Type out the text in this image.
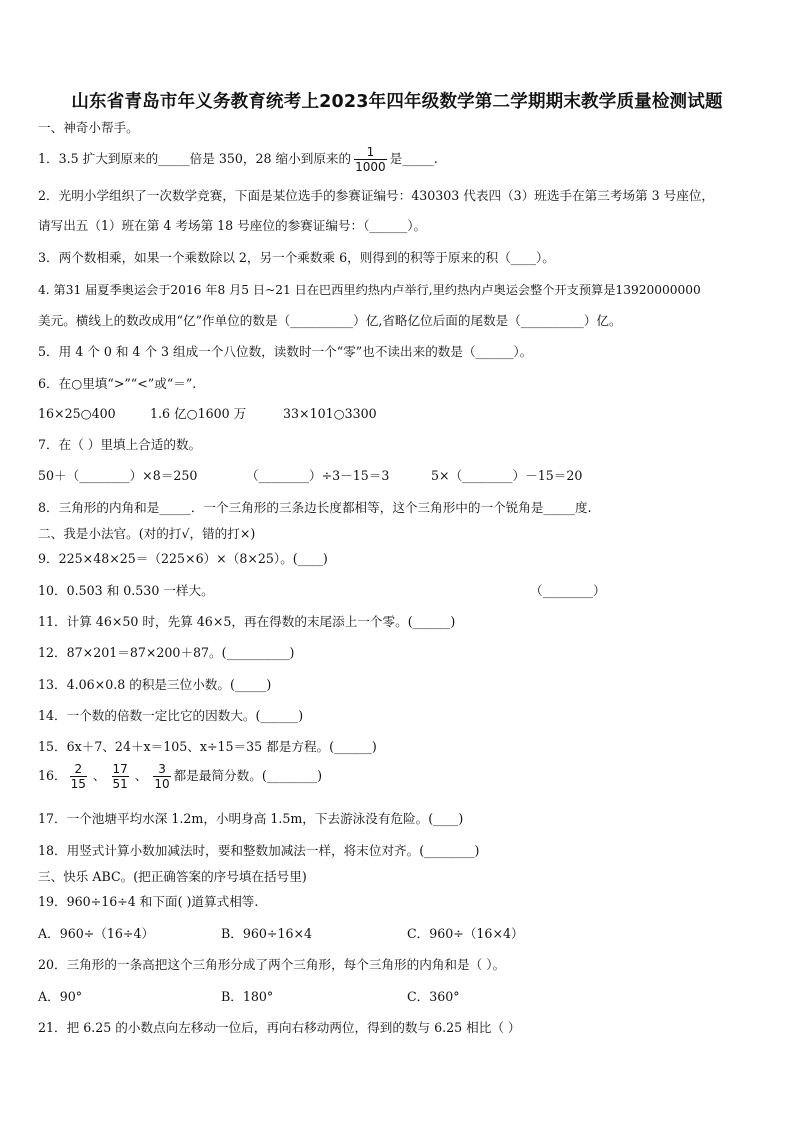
山东省青岛市年义务教育统考上2023年四年级数学第二学期期末教学质量检测试题
一、神奇小帮手。
1．3.5 扩大到原来的_____倍是 350，28 缩小到原来的 $\frac{1}{1000}$ 是_____.
2．光明小学组织了一次数学竞赛，下面是某位选手的参赛证编号：430303 代表四（3）班选手在第三考场第 3 号座位，
请写出五（1）班在第 4 考场第 18 号座位的参赛证编号：（______）。
3．两个数相乘，如果一个乘数除以 2，另一个乘数乘 6，则得到的积等于原来的积（____）。
4. 第31 届夏季奥运会于2016 年8 月5 日~21 日在巴西里约热内卢举行,里约热内卢奥运会整个开支预算是13920000000
美元。横线上的数改成用“亿”作单位的数是（__________）亿,省略亿位后面的尾数是（__________）亿。
5．用 4 个 0 和 4 个 3 组成一个八位数，读数时一个“零”也不读出来的数是（______）。
6．在○里填“>”“<”或“＝”.
16×25○400	1.6 亿○1600 万	33×101○3300
7．在（ ）里填上合适的数。
50＋（________）×8＝250	（________）÷3－15＝3	5×（________）－15＝20
8．三角形的内角和是_____．一个三角形的三条边长度都相等，这个三角形中的一个锐角是_____度.
二、我是小法官。(对的打√，错的打×)
9．225×48×25＝（225×6）×（8×25）。(____)
10．0.503 和 0.530 一样大。	（________）
11．计算 46×50 时，先算 46×5，再在得数的末尾添上一个零。(______)
12．87×201＝87×200＋87。(__________)
13．4.06×0.8 的积是三位小数。(_____)
14．一个数的倍数一定比它的因数大。(______)
15．6x＋7、24＋x＝105、x÷15＝35 都是方程。(______)
16． $\frac{2}{15}$ 、 $\frac{17}{51}$ 、 $\frac{3}{10}$ 都是最简分数。(________)
17．一个池塘平均水深 1.2m，小明身高 1.5m，下去游泳没有危险。(____)
18．用竖式计算小数加减法时，要和整数加减法一样，将末位对齐。(________)
三、快乐 ABC。(把正确答案的序号填在括号里)
19．960÷16÷4 和下面( )道算式相等.
A．960÷（16÷4）	B．960÷16×4	C．960÷（16×4）
20．三角形的一条高把这个三角形分成了两个三角形，每个三角形的内角和是（ ）。
A．90°	B．180°	C．360°
21．把 6.25 的小数点向左移动一位后，再向右移动两位，得到的数与 6.25 相比（ ）
